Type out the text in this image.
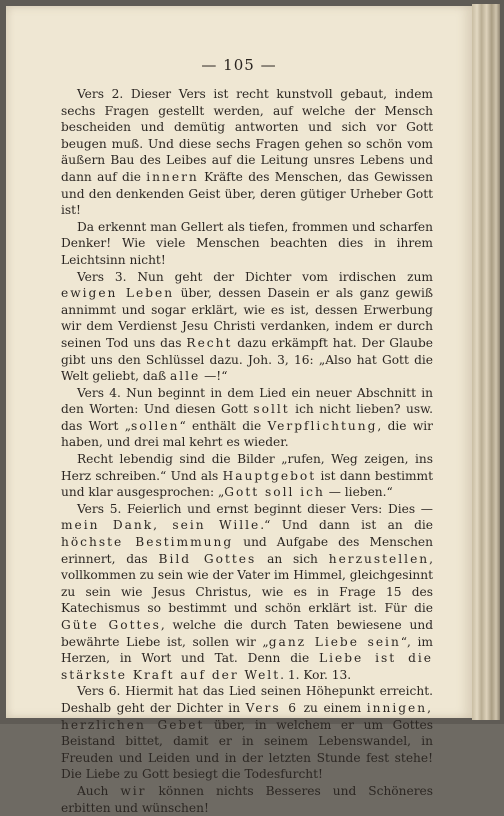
— 105 —

Vers 2. Dieser Vers ist recht kunstvoll gebaut, indem sechs Fragen gestellt werden, auf welche der Mensch bescheiden und demütig antworten und sich vor Gott beugen muß. Und diese sechs Fragen gehen so schön vom äußern Bau des Leibes auf die Leitung unsres Lebens und dann auf die innern Kräfte des Menschen, das Gewissen und den denkenden Geist über, deren gütiger Urheber Gott ist!

Da erkennt man Gellert als tiefen, frommen und scharfen Denker! Wie viele Menschen beachten dies in ihrem Leichtsinn nicht!

Vers 3. Nun geht der Dichter vom irdischen zum ewigen Leben über, dessen Dasein er als ganz gewiß annimmt und sogar erklärt, wie es ist, dessen Erwerbung wir dem Verdienst Jesu Christi verdanken, indem er durch seinen Tod uns das Recht dazu erkämpft hat. Der Glaube gibt uns den Schlüssel dazu. Joh. 3, 16: „Also hat Gott die Welt geliebt, daß alle —!“

Vers 4. Nun beginnt in dem Lied ein neuer Abschnitt in den Worten: Und diesen Gott sollt ich nicht lieben? usw. das Wort „sollen“ enthält die Verpflichtung, die wir haben, und drei mal kehrt es wieder.

Recht lebendig sind die Bilder „rufen, Weg zeigen, ins Herz schreiben.“ Und als Hauptgebot ist dann bestimmt und klar ausgesprochen: „Gott soll ich — lieben.“

Vers 5. Feierlich und ernst beginnt dieser Vers: Dies — mein Dank, sein Wille.“ Und dann ist an die höchste Bestimmung und Aufgabe des Menschen erinnert, das Bild Gottes an sich herzustellen, vollkommen zu sein wie der Vater im Himmel, gleichgesinnt zu sein wie Jesus Christus, wie es in Frage 15 des Katechismus so bestimmt und schön erklärt ist. Für die Güte Gottes, welche die durch Taten bewiesene und bewährte Liebe ist, sollen wir „ganz Liebe sein“, im Herzen, in Wort und Tat. Denn die Liebe ist die stärkste Kraft auf der Welt. 1. Kor. 13.

Vers 6. Hiermit hat das Lied seinen Höhepunkt erreicht. Deshalb geht der Dichter in Vers 6 zu einem innigen, herzlichen Gebet über, in welchem er um Gottes Beistand bittet, damit er in seinem Lebenswandel, in Freuden und Leiden und in der letzten Stunde fest stehe! Die Liebe zu Gott besiegt die Todesfurcht!

Auch wir können nichts Besseres und Schöneres erbitten und wünschen!
